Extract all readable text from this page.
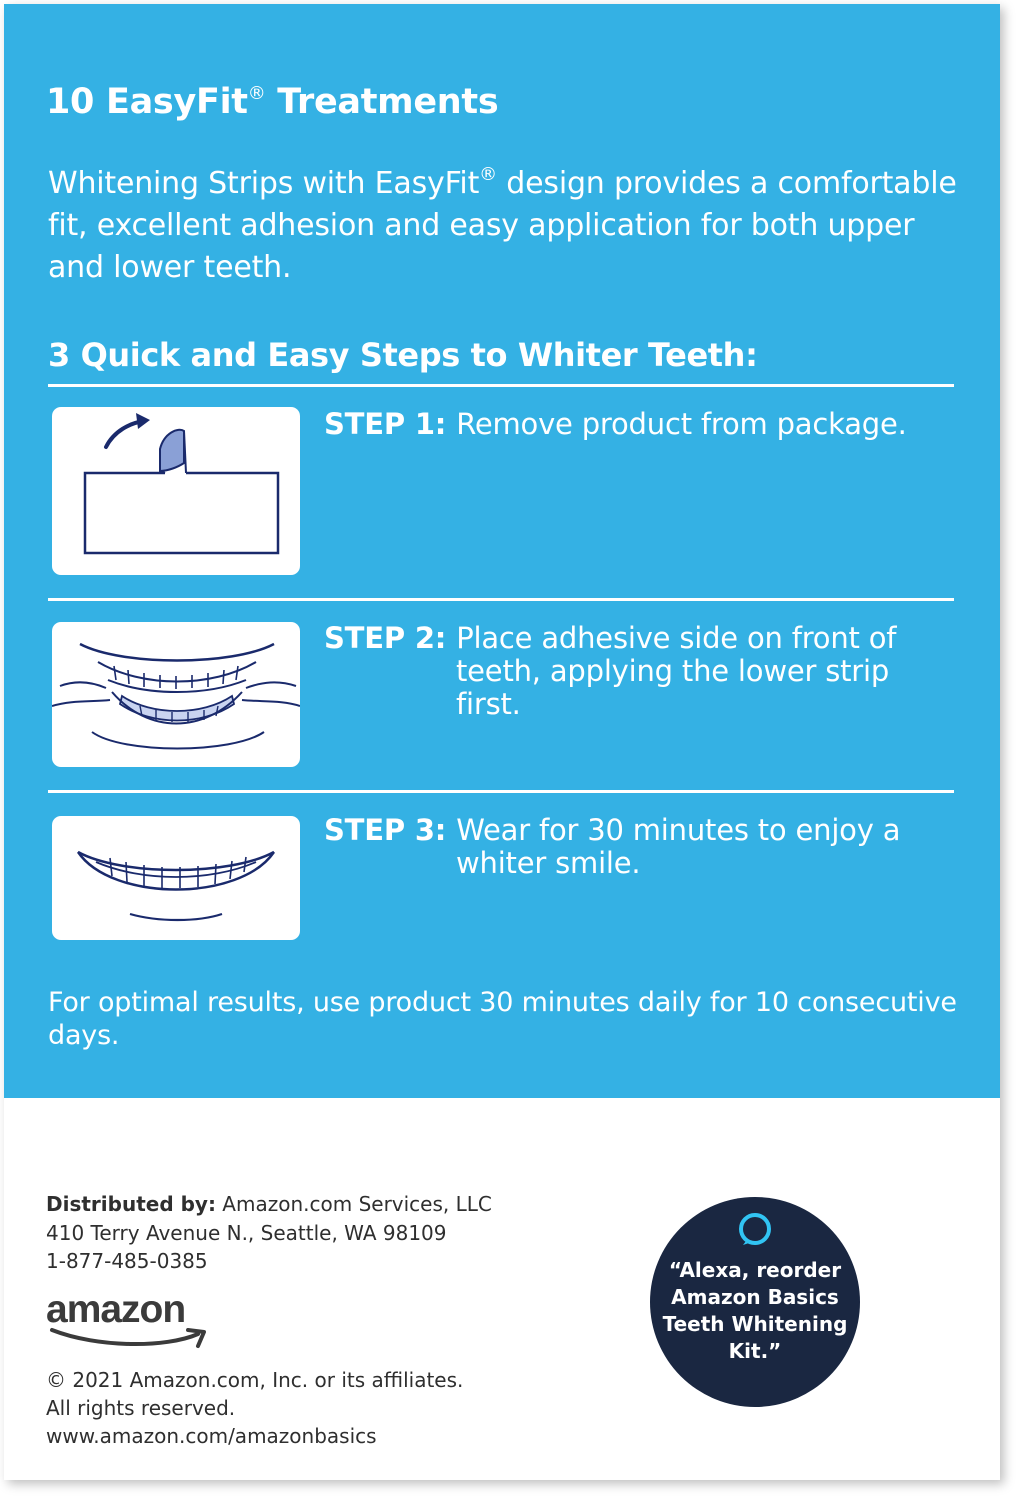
10 EasyFit® Treatments
Whitening Strips with EasyFit® design provides a comfortable fit, excellent adhesion and easy application for both upper and lower teeth.
3 Quick and Easy Steps to Whiter Teeth:
STEP 1: Remove product from package.
STEP 2: Place adhesive side on front of teeth, applying the lower strip first.
STEP 3: Wear for 30 minutes to enjoy a whiter smile.
For optimal results, use product 30 minutes daily for 10 consecutive days.
Distributed by: Amazon.com Services, LLC
410 Terry Avenue N., Seattle, WA 98109
1-877-485-0385
amazon
© 2021 Amazon.com, Inc. or its affiliates.
All rights reserved.
www.amazon.com/amazonbasics
“Alexa, reorder Amazon Basics Teeth Whitening Kit.”
